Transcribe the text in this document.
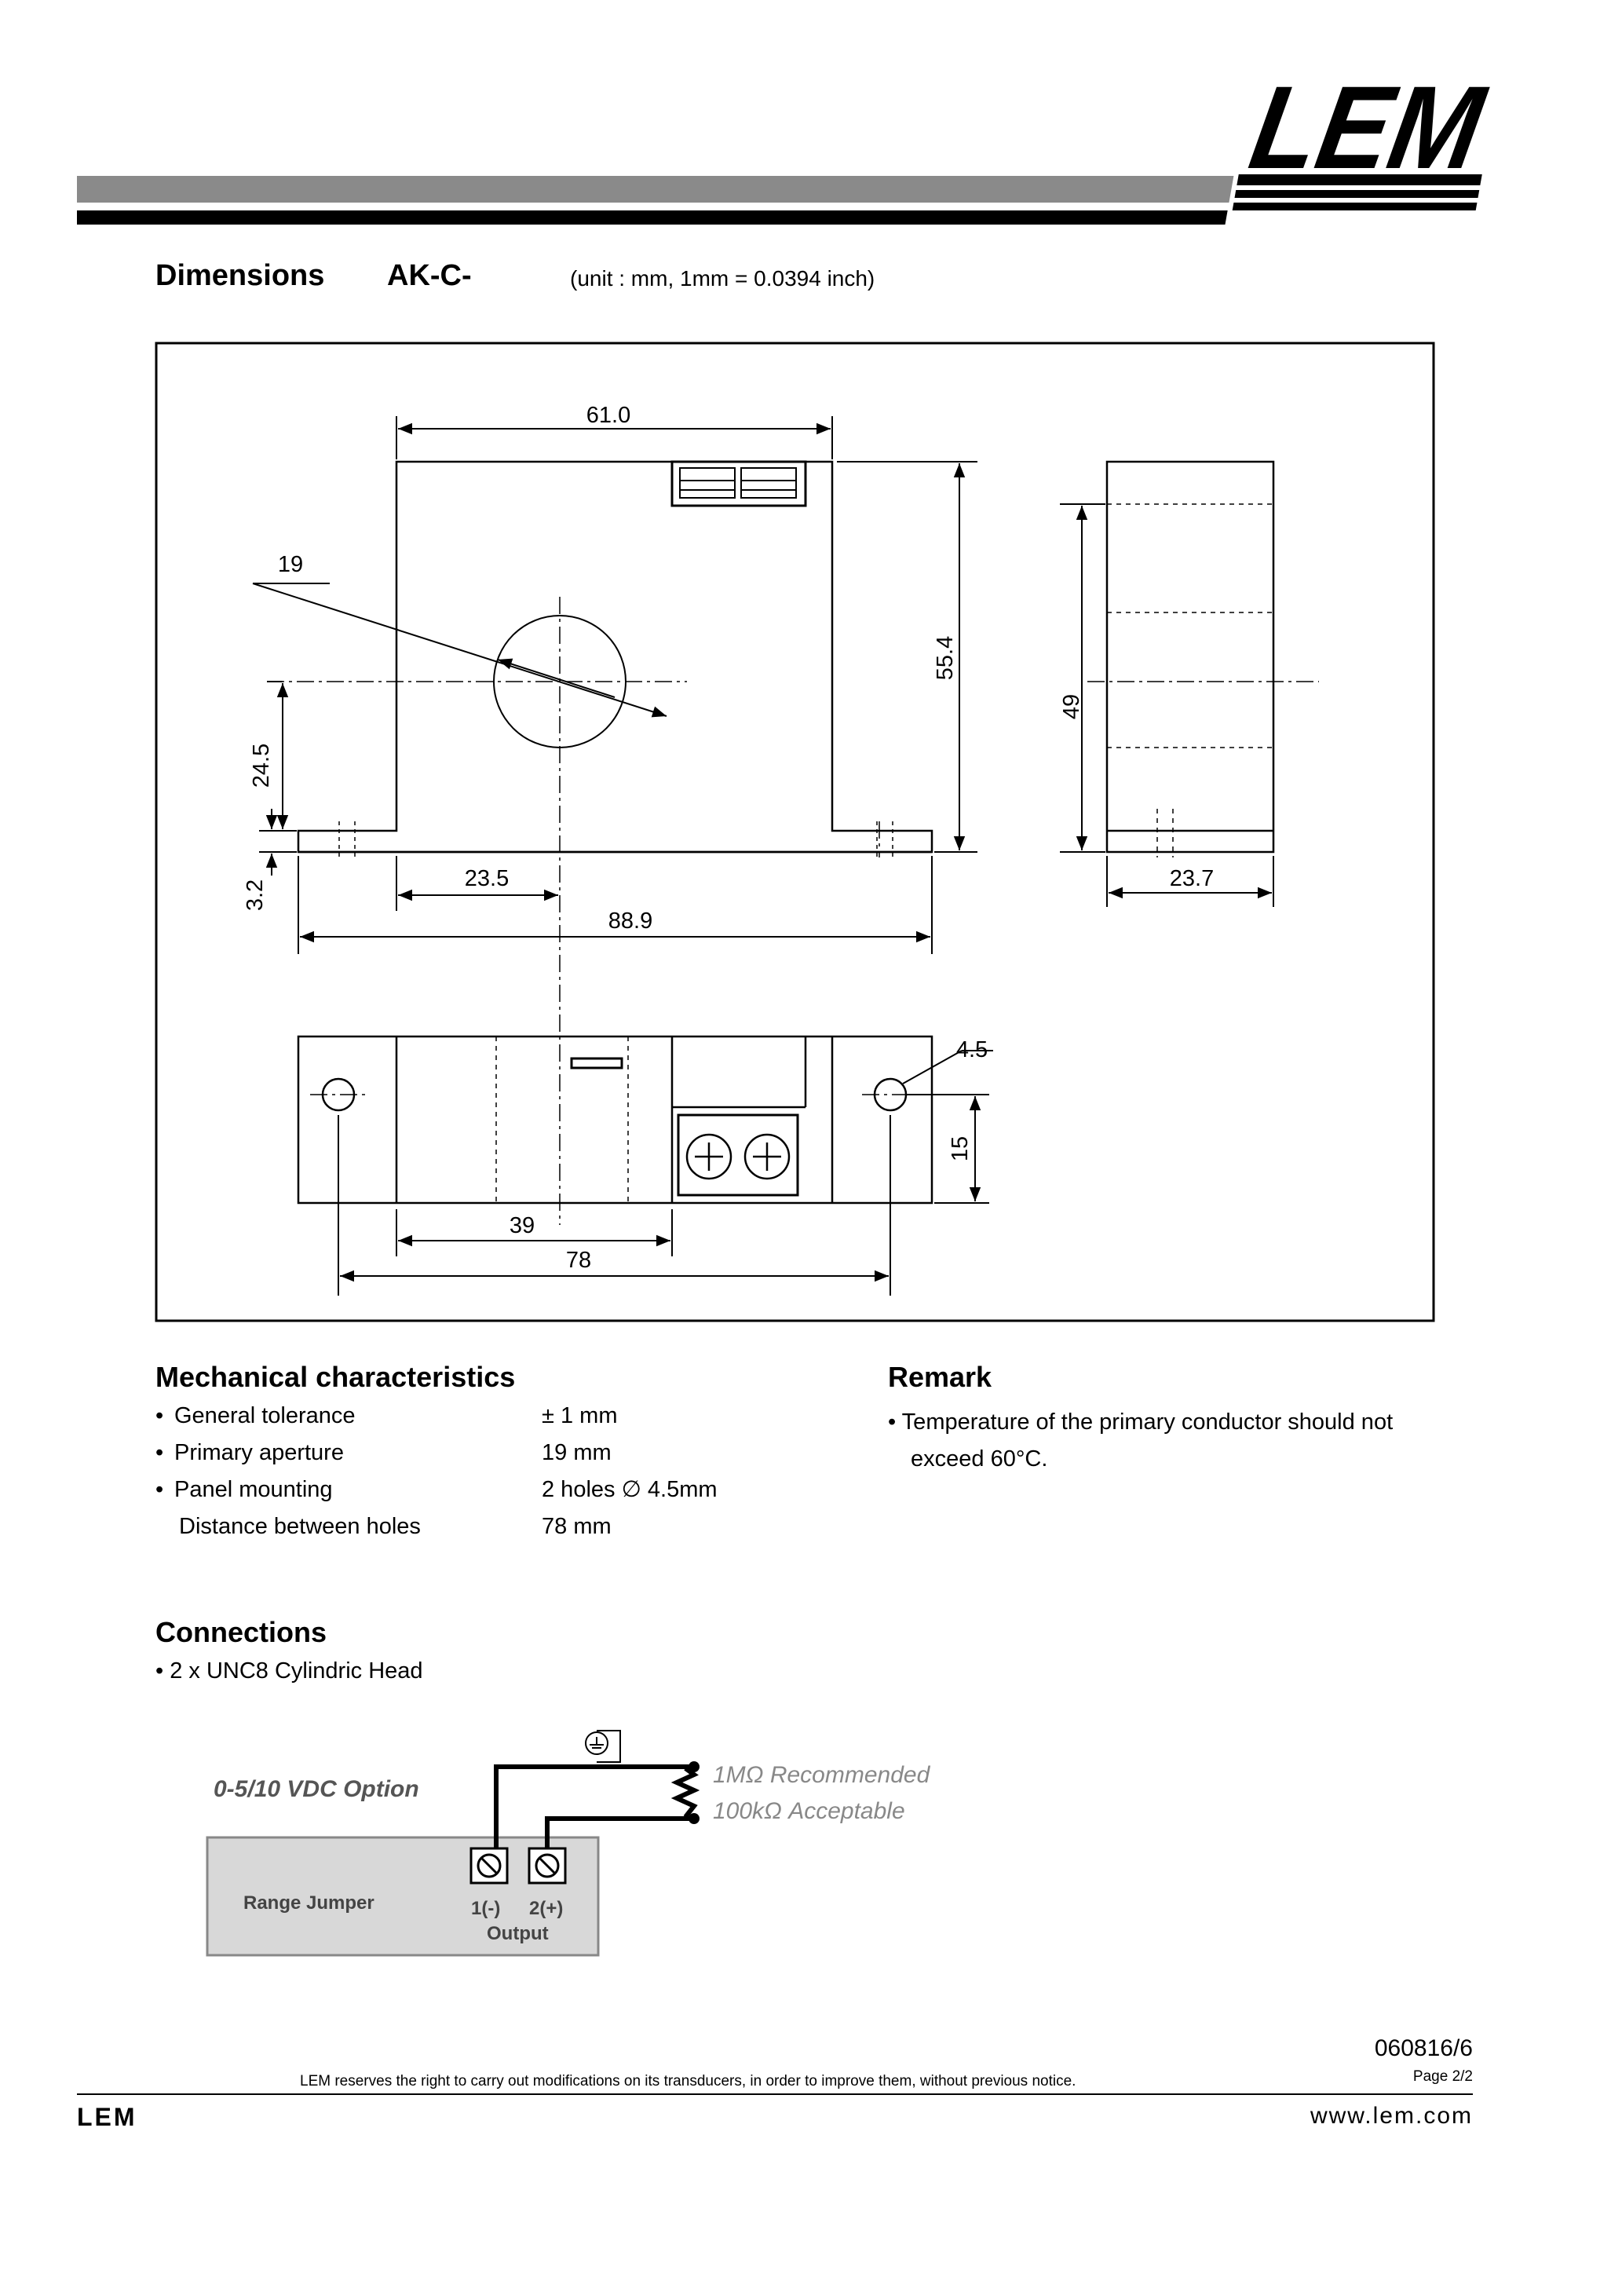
LEM
Dimensions AK-C-	(unit : mm, 1mm = 0.0394 inch)
61.0
55.4
19
24.5
3.2
23.5
88.9
49
23.7
4.5
15
39
78
Mechanical characteristics
• General tolerance	± 1 mm
• Primary aperture	19 mm
• Panel mounting	2 holes ∅ 4.5mm
Distance between holes	78 mm
Remark
• Temperature of the primary conductor should not
exceed 60°C.
Connections
• 2 x UNC8 Cylindric Head
0-5/10 VDC Option
Range Jumper	1(-) 2(+)
Output
1MΩ Recommended
100kΩ Acceptable
060816/6
LEM reserves the right to carry out modifications on its transducers, in order to improve them, without previous notice.	Page 2/2
LEM	www.lem.com
